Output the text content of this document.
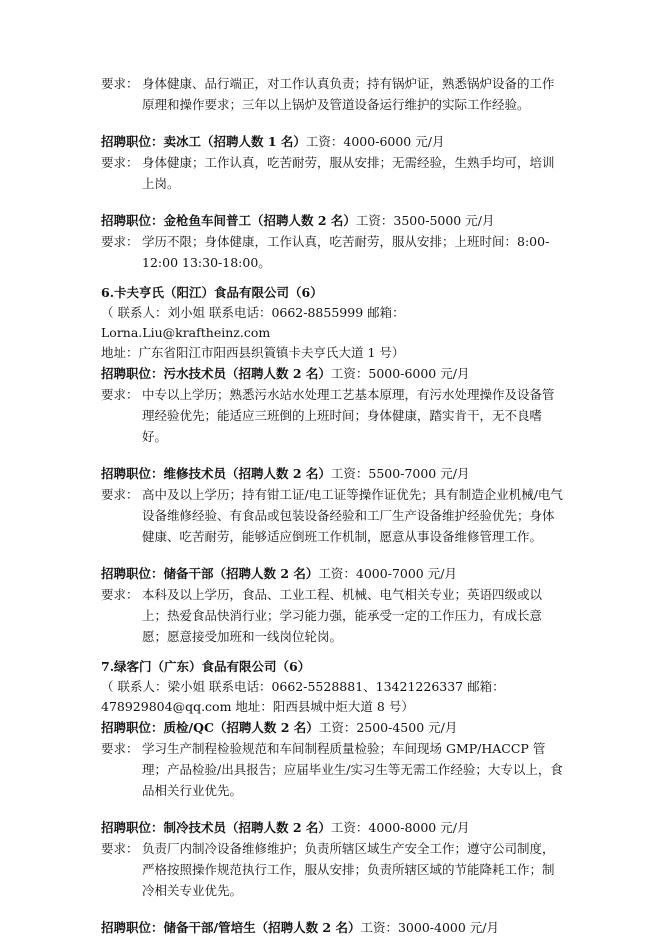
要求： 身体健康、品行端正，对工作认真负责；持有锅炉证，熟悉锅炉设备的工作原理和操作要求；三年以上锅炉及管道设备运行维护的实际工作经验。
招聘职位：卖冰工（招聘人数 1 名）工资：4000-6000 元/月
要求： 身体健康；工作认真，吃苦耐劳，服从安排；无需经验，生熟手均可，培训上岗。
招聘职位：金枪鱼车间普工（招聘人数 2 名）工资：3500-5000 元/月
要求： 学历不限；身体健康，工作认真，吃苦耐劳，服从安排；上班时间：8:00-12:00 13:30-18:00。
6.卡夫亨氏（阳江）食品有限公司（6）
（ 联系人：刘小姐 联系电话：0662-8855999 邮箱：Lorna.Liu@kraftheinz.com
地址：广东省阳江市阳西县织篢镇卡夫亨氏大道 1 号）
招聘职位：污水技术员（招聘人数 2 名）工资：5000-6000 元/月
要求： 中专以上学历；熟悉污水站水处理工艺基本原理，有污水处理操作及设备管理经验优先；能适应三班倒的上班时间；身体健康，踏实肯干，无不良嗜好。
招聘职位：维修技术员（招聘人数 2 名）工资：5500-7000 元/月
要求： 高中及以上学历；持有钳工证/电工证等操作证优先；具有制造企业机械/电气设备维修经验、有食品或包装设备经验和工厂生产设备维护经验优先；身体健康、吃苦耐劳，能够适应倒班工作机制，愿意从事设备维修管理工作。
招聘职位：储备干部（招聘人数 2 名）工资：4000-7000 元/月
要求： 本科及以上学历，食品、工业工程、机械、电气相关专业；英语四级或以上；热爱食品快消行业；学习能力强，能承受一定的工作压力，有成长意愿；愿意接受加班和一线岗位轮岗。
7.绿客门（广东）食品有限公司（6）
（ 联系人：梁小姐 联系电话：0662-5528881、13421226337 邮箱：478929804@qq.com 地址：阳西县城中炬大道 8 号）
招聘职位：质检/QC（招聘人数 2 名）工资：2500-4500 元/月
要求： 学习生产制程检验规范和车间制程质量检验；车间现场 GMP/HACCP 管理；产品检验/出具报告；应届毕业生/实习生等无需工作经验；大专以上，食品相关行业优先。
招聘职位：制冷技术员（招聘人数 2 名）工资：4000-8000 元/月
要求： 负责厂内制冷设备维修维护；负责所辖区域生产安全工作；遵守公司制度，严格按照操作规范执行工作，服从安排；负责所辖区域的节能降耗工作；制冷相关专业优先。
招聘职位：储备干部/管培生（招聘人数 2 名）工资：3000-4000 元/月
